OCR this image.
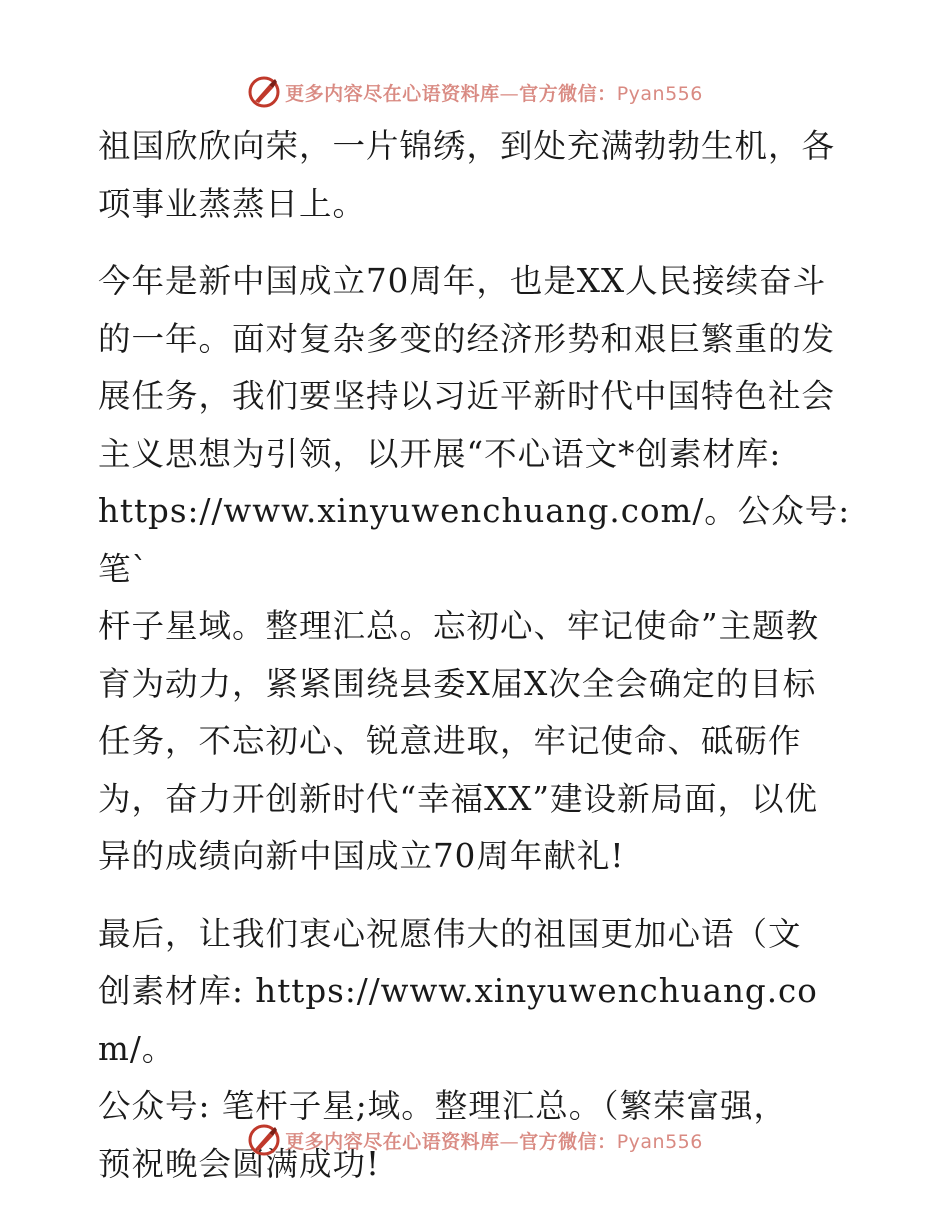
更多内容尽在心语资料库—官方微信：Pyan556

祖国欣欣向荣，一片锦绣，到处充满勃勃生机，各
项事业蒸蒸日上。

今年是新中国成立70周年，也是XX人民接续奋斗
的一年。面对复杂多变的经济形势和艰巨繁重的发
展任务，我们要坚持以习近平新时代中国特色社会
主义思想为引领，以开展“不心语文*创素材库:
https://www.xinyuwenchuang.com/。公众号: 笔`
杆子星域。整理汇总。忘初心、牢记使命”主题教
育为动力，紧紧围绕县委X届X次全会确定的目标
任务，不忘初心、锐意进取，牢记使命、砥砺作
为，奋力开创新时代“幸福XX”建设新局面，以优
异的成绩向新中国成立70周年献礼!

最后，让我们衷心祝愿伟大的祖国更加心语（文
创素材库: https://www.xinyuwenchuang.com/。
公众号: 笔杆子星;域。整理汇总。（繁荣富强，
预祝晚会圆满成功!

更多内容尽在心语资料库—官方微信：Pyan556
